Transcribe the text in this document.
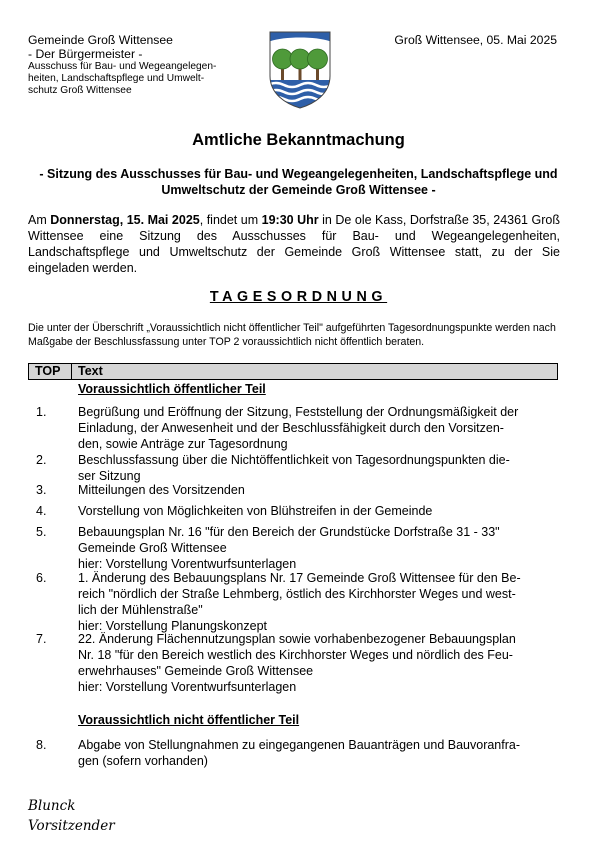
Gemeinde Groß Wittensee
- Der Bürgermeister -
Ausschuss für Bau- und Wegeangelegen-
heiten, Landschaftspflege und Umwelt-
schutz Groß Wittensee
Groß Wittensee, 05. Mai 2025
Amtliche Bekanntmachung
- Sitzung des Ausschusses für Bau- und Wegeangelegenheiten, Landschaftspflege und Umweltschutz der Gemeinde Groß Wittensee -
Am Donnerstag, 15. Mai 2025, findet um 19:30 Uhr in De ole Kass, Dorfstraße 35, 24361 Groß Wittensee eine Sitzung des Ausschusses für Bau- und Wegeangelegenheiten, Landschaftspflege und Umweltschutz der Gemeinde Groß Wittensee statt, zu der Sie eingeladen werden.
TAGESORDNUNG
Die unter der Überschrift „Voraussichtlich nicht öffentlicher Teil" aufgeführten Tagesordnungspunkte werden nach Maßgabe der Beschlussfassung unter TOP 2 voraussichtlich nicht öffentlich beraten.
TOP Text
Voraussichtlich öffentlicher Teil
1.	Begrüßung und Eröffnung der Sitzung, Feststellung der Ordnungsmäßigkeit der
Einladung, der Anwesenheit und der Beschlussfähigkeit durch den Vorsitzen-
den, sowie Anträge zur Tagesordnung
2.	Beschlussfassung über die Nichtöffentlichkeit von Tagesordnungspunkten die-
ser Sitzung
3.	Mitteilungen des Vorsitzenden
4.	Vorstellung von Möglichkeiten von Blühstreifen in der Gemeinde
5.	Bebauungsplan Nr. 16 "für den Bereich der Grundstücke Dorfstraße 31 - 33"
Gemeinde Groß Wittensee
hier: Vorstellung Vorentwurfsunterlagen
6.	1. Änderung des Bebauungsplans Nr. 17 Gemeinde Groß Wittensee für den Be-
reich "nördlich der Straße Lehmberg, östlich des Kirchhorster Weges und west-
lich der Mühlenstraße"
hier: Vorstellung Planungskonzept
7.	22. Änderung Flächennutzungsplan sowie vorhabenbezogener Bebauungsplan
Nr. 18 "für den Bereich westlich des Kirchhorster Weges und nördlich des Feu-
erwehrhauses" Gemeinde Groß Wittensee
hier: Vorstellung Vorentwurfsunterlagen
Voraussichtlich nicht öffentlicher Teil
8.	Abgabe von Stellungnahmen zu eingegangenen Bauanträgen und Bauvoranfra-
gen (sofern vorhanden)
Blunck
Vorsitzender
